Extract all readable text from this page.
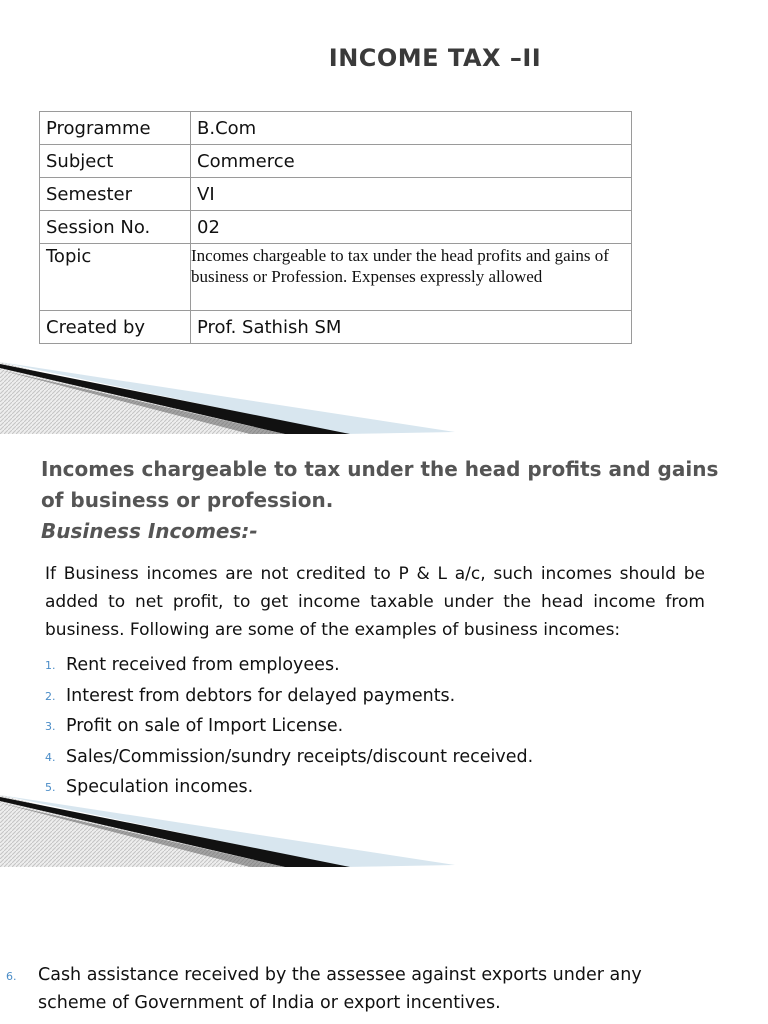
INCOME TAX –II
Programme	B.Com
Subject	Commerce
Semester	VI
Session No.	02
Topic	Incomes chargeable to tax under the head profits and gains of business or Profession. Expenses expressly allowed
Created by	Prof. Sathish SM
Incomes chargeable to tax under the head profits and gains of business or profession.
Business Incomes:-
If Business incomes are not credited to P & L a/c, such incomes should be added to net profit, to get income taxable under the head income from business. Following are some of the examples of business incomes:
1. Rent received from employees.
2. Interest from debtors for delayed payments.
3. Profit on sale of Import License.
4. Sales/Commission/sundry receipts/discount received.
5. Speculation incomes.
6. Cash assistance received by the assessee against exports under any scheme of Government of India or export incentives.
